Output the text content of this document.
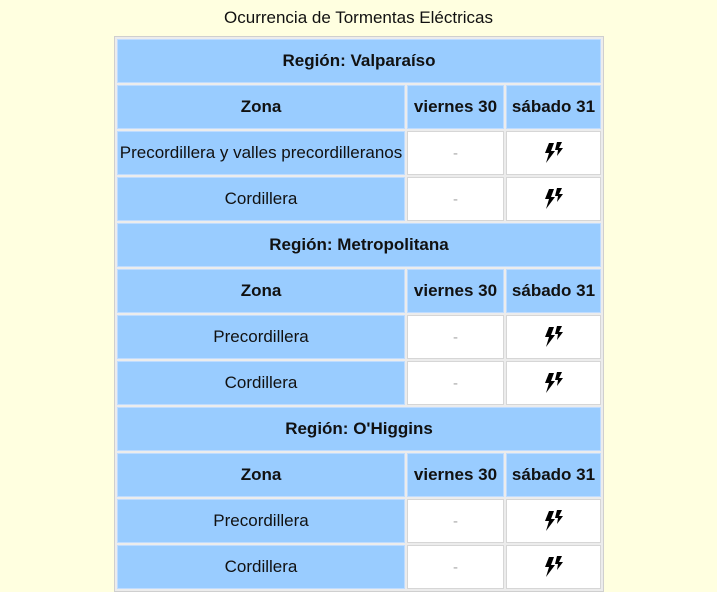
Ocurrencia de Tormentas Eléctricas
Región: Valparaíso		
Zona	viernes 30	sábado 31
Precordillera y valles precordilleranos	-	
Cordillera	-	
Región: Metropolitana		
Zona	viernes 30	sábado 31
Precordillera	-	
Cordillera	-	
Región: O'Higgins		
Zona	viernes 30	sábado 31
Precordillera	-	
Cordillera	-	
